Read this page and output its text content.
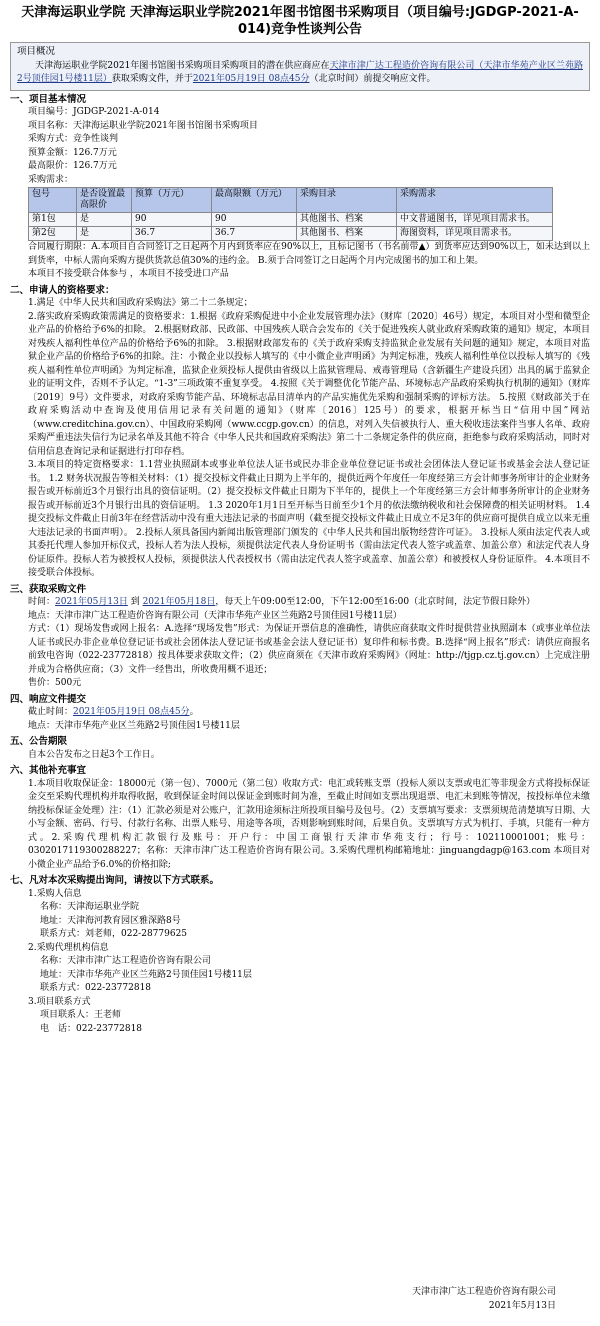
天津海运职业学院 天津海运职业学院2021年图书馆图书采购项目（项目编号:JGDGP-2021-A-014)竞争性谈判公告
项目概况
天津海运职业学院2021年图书馆图书采购项目采购项目的潜在供应商应在天津市津广达工程造价咨询有限公司（天津市华苑产业区兰苑路2号顶佳园1号楼11层）获取采购文件，并于2021年05月19日 08点45分（北京时间）前提交响应文件。
一、项目基本情况
项目编号：JGDGP-2021-A-014
项目名称：天津海运职业学院2021年图书馆图书采购项目
采购方式：竞争性谈判
预算金额：126.7万元
最高限价：126.7万元
采购需求：
包号	是否设置最高限价	预算（万元）	最高限额（万元）	采购目录	采购需求
第1包	是	90	90	其他图书、档案	中文普通图书，详见项目需求书。
第2包	是	36.7	36.7	其他图书、档案	海图资料，详见项目需求书。
合同履行期限：A.本项目自合同签订之日起两个月内到货率应在90%以上，且标记图书（书名前带▲）到货率应达到90%以上，如未达到以上到货率，中标人需向采购方提供货款总值30%的违约金。 B.须于合同签订之日起两个月内完成图书的加工和上架。
本项目不接受联合体参与 ，本项目不接受进口产品
二、申请人的资格要求：
1.满足《中华人民共和国政府采购法》第二十二条规定；
2.落实政府采购政策需满足的资格要求：1.根据《政府采购促进中小企业发展管理办法》（财库〔2020〕46号）规定，本项目对小型和微型企业产品的价格给予6%的扣除。 2.根据财政部、民政部、中国残疾人联合会发布的《关于促进残疾人就业政府采购政策的通知》规定，本项目对残疾人福利性单位产品的价格给予6%的扣除。 3.根据财政部发布的《关于政府采购支持监狱企业发展有关问题的通知》规定，本项目对监狱企业产品的价格给予6%的扣除。注：小微企业以投标人填写的《中小微企业声明函》为判定标准，残疾人福利性单位以投标人填写的《残疾人福利性单位声明函》为判定标准，监狱企业须投标人提供由省级以上监狱管理局、戒毒管理局（含新疆生产建设兵团）出具的属于监狱企业的证明文件，否则不予认定。“1-3”三项政策不重复享受。 4.按照《关于调整优化节能产品、环境标志产品政府采购执行机制的通知》（财库〔2019〕9号）文件要求，对政府采购节能产品、环境标志品目清单内的产品实施优先采购和强制采购的评标方法。 5.按照《财政部关于在政府采购活动中查询及使用信用记录有关问题的通知》（财库〔2016〕125号）的要求，根据开标当日“信用中国”网站（www.creditchina.gov.cn）、中国政府采购网（www.ccgp.gov.cn）的信息，对列入失信被执行人、重大税收违法案件当事人名单、政府采购严重违法失信行为记录名单及其他不符合《中华人民共和国政府采购法》第二十二条规定条件的供应商，拒绝参与政府采购活动，同时对信用信息查询记录和证据进行打印存档。
3.本项目的特定资格要求：1.1营业执照副本或事业单位法人证书或民办非企业单位登记证书或社会团体法人登记证书或基金会法人登记证书。 1.2 财务状况报告等相关材料：（1）提交投标文件截止日期为上半年的，提供近两个年度任一年度经第三方会计师事务所审计的企业财务报告或开标前近3个月银行出具的资信证明。（2）提交投标文件截止日期为下半年的，提供上一个年度经第三方会计师事务所审计的企业财务报告或开标前近3个月银行出具的资信证明。 1.3 2020年1月1日至开标当日前至少1个月的依法缴纳税收和社会保障费的相关证明材料。 1.4 提交投标文件截止日前3年在经营活动中没有重大违法记录的书面声明（截至提交投标文件截止日成立不足3年的供应商可提供自成立以来无重大违法记录的书面声明）。 2.投标人须具备国内新闻出版管理部门颁发的《中华人民共和国出版物经营许可证》。 3.投标人须由法定代表人或其委托代理人参加开标仪式，投标人若为法人投标，须提供法定代表人身份证明书（需由法定代表人签字或盖章、加盖公章）和法定代表人身份证原件。投标人若为被授权人投标，须提供法人代表授权书（需由法定代表人签字或盖章、加盖公章）和被授权人身份证原件。 4.本项目不接受联合体投标。
三、获取采购文件
时间：2021年05月13日 到 2021年05月18日，每天上午09:00至12:00，下午12:00至16:00（北京时间，法定节假日除外）
地点：天津市津广达工程造价咨询有限公司（天津市华苑产业区兰苑路2号顶佳园1号楼11层）
方式：（1）现场发售或网上报名：A.选择“现场发售”形式：为保证开票信息的准确性，请供应商获取文件时提供营业执照副本（或事业单位法人证书或民办非企业单位登记证书或社会团体法人登记证书或基金会法人登记证书）复印件和标书费。B.选择“网上报名”形式：请供应商报名前致电咨询（022-23772818）按具体要求获取文件；（2）供应商须在《天津市政府采购网》（网址：http://tjgp.cz.tj.gov.cn）上完成注册并成为合格供应商；（3）文件一经售出，所收费用概不退还；
售价：500元
四、响应文件提交
截止时间：2021年05月19日 08点45分。
地点：天津市华苑产业区兰苑路2号顶佳园1号楼11层
五、公告期限
自本公告发布之日起3个工作日。
六、其他补充事宜
1.本项目收取保证金：18000元（第一包）、7000元（第二包）收取方式：电汇或转账支票（投标人须以支票或电汇等非现金方式将投标保证金交至采购代理机构并取得收据，收到保证金时间以保证金到账时间为准，至截止时间如支票出现退票、电汇未到账等情况，按投标单位未缴纳投标保证金处理）注：（1）汇款必须是对公账户，汇款用途须标注所投项目编号及包号。（2）支票填写要求：支票须规范清楚填写日期、大小写金额、密码、行号、付款行名称、出票人账号、用途等各项，否则影响到账时间，后果自负。支票填写方式为机打、手填，只能有一种方式。2.采购代理机构汇款银行及账号：开户行：中国工商银行天津市华苑支行；行号：102110001001；账号：0302017119300288227；名称：天津市津广达工程造价咨询有限公司。3.采购代理机构邮箱地址：jinguangdagp@163.com 本项目对小微企业产品给予6.0%的价格扣除;
七、凡对本次采购提出询问，请按以下方式联系。
1.采购人信息
名称：天津海运职业学院
地址：天津海河教育园区雅深路8号
联系方式：刘老师，022-28779625
2.采购代理机构信息
名称：天津市津广达工程造价咨询有限公司
地址：天津市华苑产业区兰苑路2号顶佳园1号楼11层
联系方式：022-23772818
3.项目联系方式
项目联系人：王老师
电　话：022-23772818
天津市津广达工程造价咨询有限公司
2021年5月13日
